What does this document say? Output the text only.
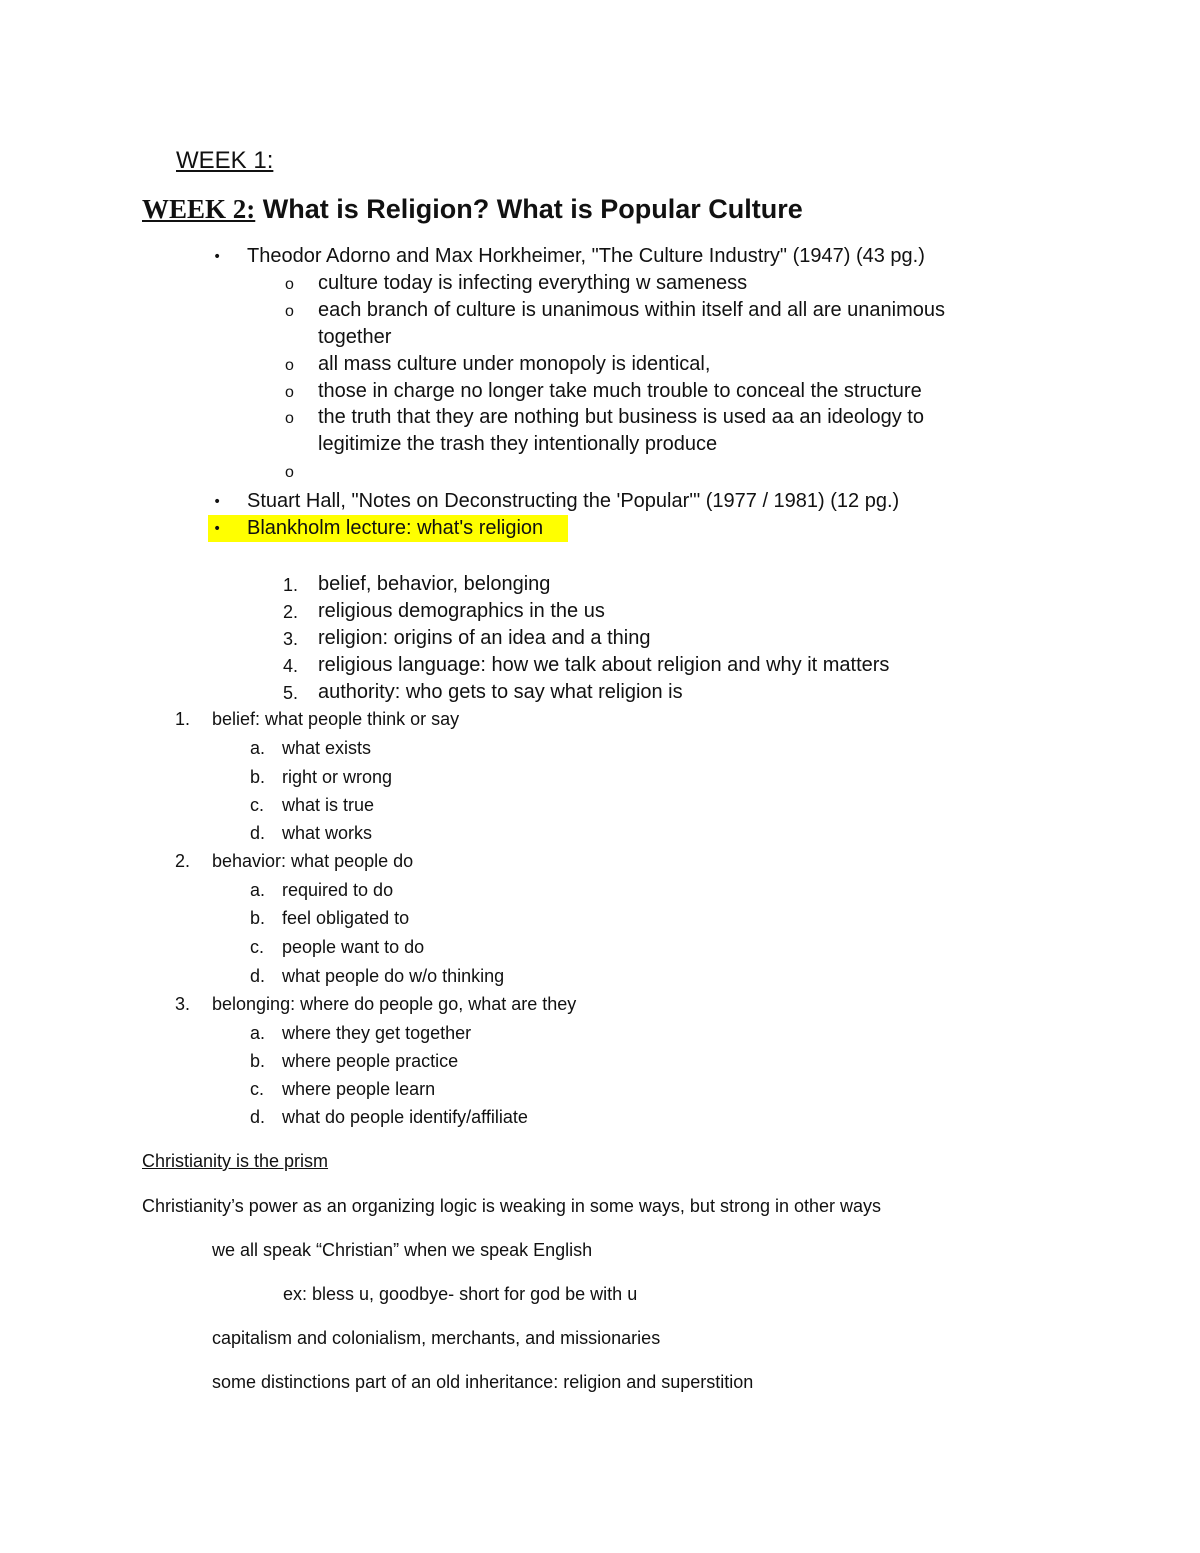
WEEK 1:
WEEK 2: What is Religion? What is Popular Culture
• Theodor Adorno and Max Horkheimer, "The Culture Industry" (1947) (43 pg.)
o culture today is infecting everything w sameness
o each branch of culture is unanimous within itself and all are unanimous
together
o all mass culture under monopoly is identical,
o those in charge no longer take much trouble to conceal the structure
o the truth that they are nothing but business is used aa an ideology to
legitimize the trash they intentionally produce
o
• Stuart Hall, "Notes on Deconstructing the 'Popular'" (1977 / 1981) (12 pg.)
• Blankholm lecture: what's religion
1. belief, behavior, belonging
2. religious demographics in the us
3. religion: origins of an idea and a thing
4. religious language: how we talk about religion and why it matters
5. authority: who gets to say what religion is
1. belief: what people think or say
a. what exists
b. right or wrong
c. what is true
d. what works
2. behavior: what people do
a. required to do
b. feel obligated to
c. people want to do
d. what people do w/o thinking
3. belonging: where do people go, what are they
a. where they get together
b. where people practice
c. where people learn
d. what do people identify/affiliate
Christianity is the prism
Christianity’s power as an organizing logic is weaking in some ways, but strong in other ways
we all speak “Christian” when we speak English
ex: bless u, goodbye- short for god be with u
capitalism and colonialism, merchants, and missionaries
some distinctions part of an old inheritance: religion and superstition
